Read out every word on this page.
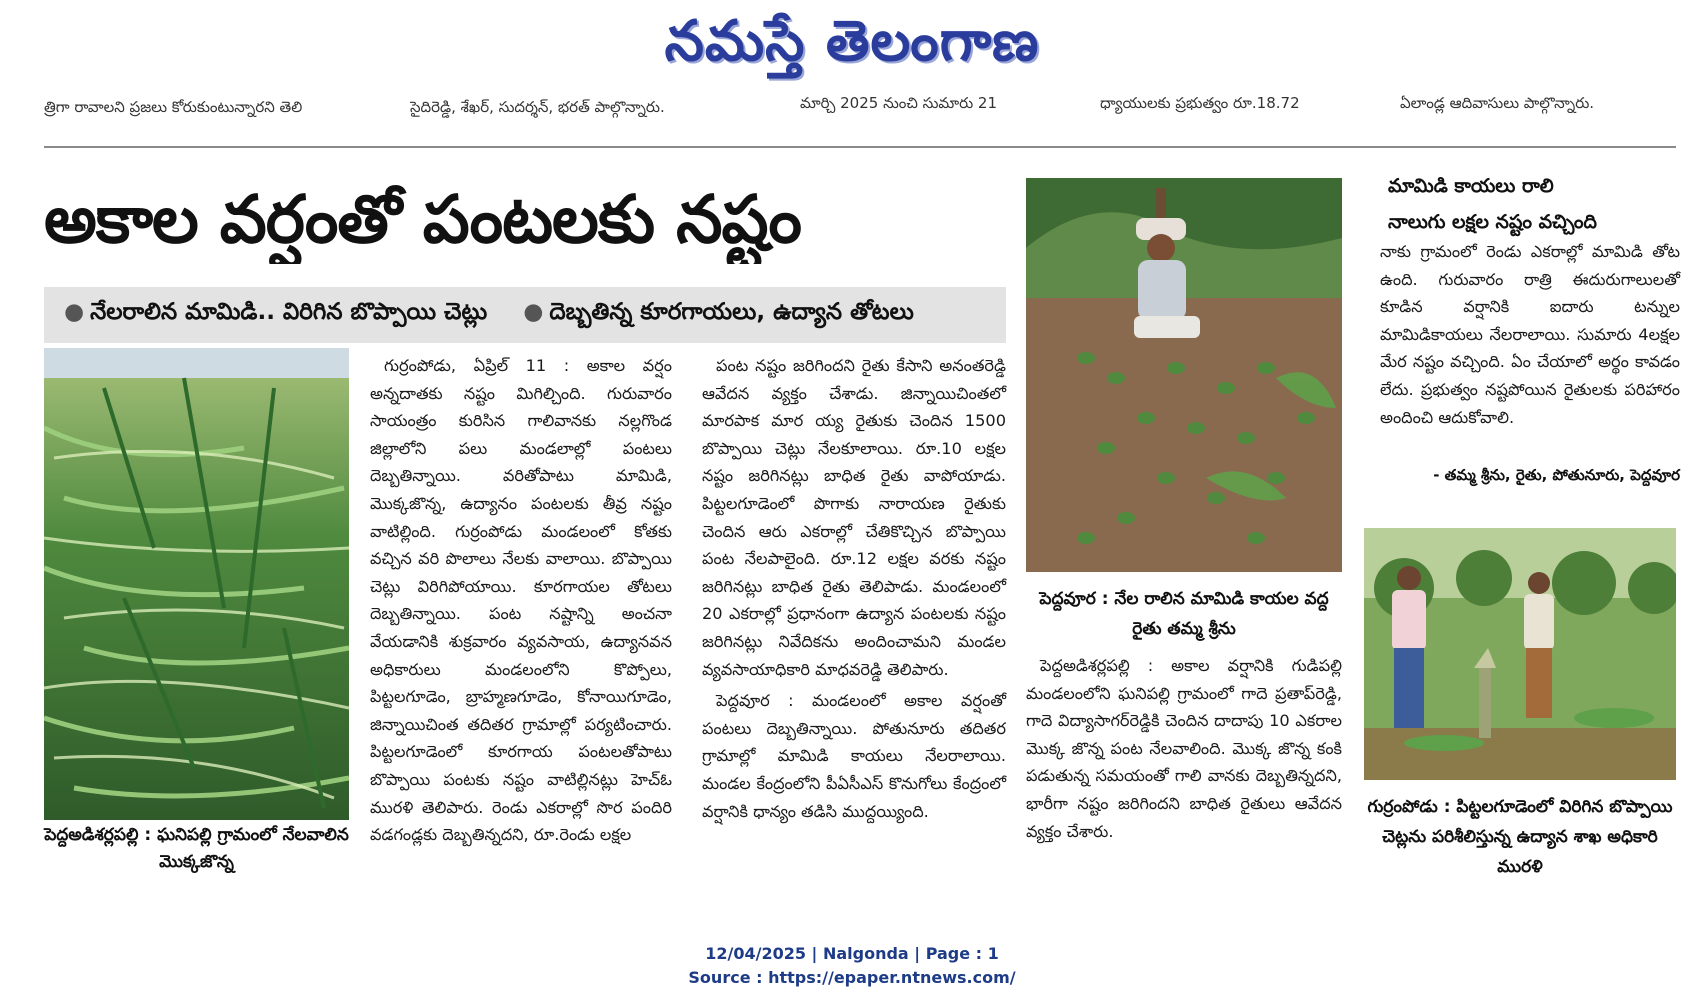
నమస్తే తెలంగాణ
త్రిగా రావాలని ప్రజలు కోరుకుంటున్నారని తెలి	సైదిరెడ్డి, శేఖర్, సుదర్శన్, భరత్ పాల్గొన్నారు.	మార్చి 2025 నుంచి సుమారు 21	ధ్యాయులకు ప్రభుత్వం రూ.18.72	ఏలాండ్ల ఆదివాసులు పాల్గొన్నారు.
అకాల వర్షంతో పంటలకు నష్టం
● నేలరాలిన మామిడి.. విరిగిన బొప్పాయి చెట్లు ● దెబ్బతిన్న కూరగాయలు, ఉద్యాన తోటలు
పెద్దఅడిశర్లపల్లి : ఘనిపల్లి గ్రామంలో నేలవాలిన మొక్కజొన్న

గుర్రంపోడు, ఏప్రిల్ 11 : అకాల వర్షం అన్నదాతకు నష్టం మిగిల్చింది. గురువారం సాయంత్రం కురిసిన గాలివానకు నల్లగొండ జిల్లాలోని పలు మండలాల్లో పంటలు దెబ్బతిన్నాయి. వరితోపాటు మామిడి, మొక్కజొన్న, ఉద్యానం పంటలకు తీవ్ర నష్టం వాటిల్లింది. గుర్రంపోడు మండలంలో కోతకు వచ్చిన వరి పొలాలు నేలకు వాలాయి. బొప్పాయి చెట్లు విరిగిపోయాయి. కూరగాయల తోటలు దెబ్బతిన్నాయి. పంట నష్టాన్ని అంచనా వేయడానికి శుక్రవారం వ్యవసాయ, ఉద్యానవన అధికారులు మండలంలోని కొప్పోలు, పిట్టలగూడెం, బ్రాహ్మణగూడెం, కోనాయిగూడెం, జిన్నాయిచింత తదితర గ్రామాల్లో పర్యటించారు. పిట్టలగూడెంలో కూరగాయ పంటలతోపాటు బొప్పాయి పంటకు నష్టం వాటిల్లినట్లు హెచ్ఓ మురళి తెలిపారు. రెండు ఎకరాల్లో సొర పందిరి వడగండ్లకు దెబ్బతిన్నదని, రూ.రెండు లక్షల

పంట నష్టం జరిగిందని రైతు కేసాని అనంతరెడ్డి ఆవేదన వ్యక్తం చేశాడు. జిన్నాయిచింతలో మారపాక మార య్య రైతుకు చెందిన 1500 బొప్పాయి చెట్లు నేలకూలాయి. రూ.10 లక్షల నష్టం జరిగినట్లు బాధిత రైతు వాపోయాడు. పిట్టలగూడెంలో పొగాకు నారాయణ రైతుకు చెందిన ఆరు ఎకరాల్లో చేతికొచ్చిన బొప్పాయి పంట నేలపాలైంది. రూ.12 లక్షల వరకు నష్టం జరిగినట్లు బాధిత రైతు తెలిపాడు. మండలంలో 20 ఎకరాల్లో ప్రధానంగా ఉద్యాన పంటలకు నష్టం జరిగినట్లు నివేదికను అందించామని మండల వ్యవసాయాధికారి మాధవరెడ్డి తెలిపారు.

పెద్దవూర : మండలంలో అకాల వర్షంతో పంటలు దెబ్బతిన్నాయి. పోతునూరు తదితర గ్రామాల్లో మామిడి కాయలు నేలరాలాయి. మండల కేంద్రంలోని పీఏసీఎస్ కొనుగోలు కేంద్రంలో వర్షానికి ధాన్యం తడిసి ముద్దయ్యింది.

పెద్దవూర : నేల రాలిన మామిడి కాయల వద్ద రైతు తమ్మ శ్రీను

పెద్దఅడిశర్లపల్లి : అకాల వర్షానికి గుడిపల్లి మండలంలోని ఘనిపల్లి గ్రామంలో గాదె ప్రతాప్‌రెడ్డి, గాదె విద్యాసాగర్‌రెడ్డికి చెందిన దాదాపు 10 ఎకరాల మొక్క జొన్న పంట నేలవాలింది. మొక్క జొన్న కంకి పడుతున్న సమయంతో గాలి వానకు దెబ్బతిన్నదని, భారీగా నష్టం జరిగిందని బాధిత రైతులు ఆవేదన వ్యక్తం చేశారు.

మామిడి కాయలు రాలి
నాలుగు లక్షల నష్టం వచ్చింది
నాకు గ్రామంలో రెండు ఎకరాల్లో మామిడి తోట ఉంది. గురువారం రాత్రి ఈదురుగాలులతో కూడిన వర్షానికి ఐదారు టన్నుల మామిడికాయలు నేలరాలాయి. సుమారు 4లక్షల మేర నష్టం వచ్చింది. ఏం చేయాలో అర్థం కావడం లేదు. ప్రభుత్వం నష్టపోయిన రైతులకు పరిహారం అందించి ఆదుకోవాలి.
- తమ్మ శ్రీను, రైతు, పోతునూరు, పెద్దవూర
గుర్రంపోడు : పిట్టలగూడెంలో విరిగిన బొప్పాయి చెట్లను పరిశీలిస్తున్న ఉద్యాన శాఖ అధికారి మురళి
12/04/2025 | Nalgonda | Page : 1
Source : https://epaper.ntnews.com/
